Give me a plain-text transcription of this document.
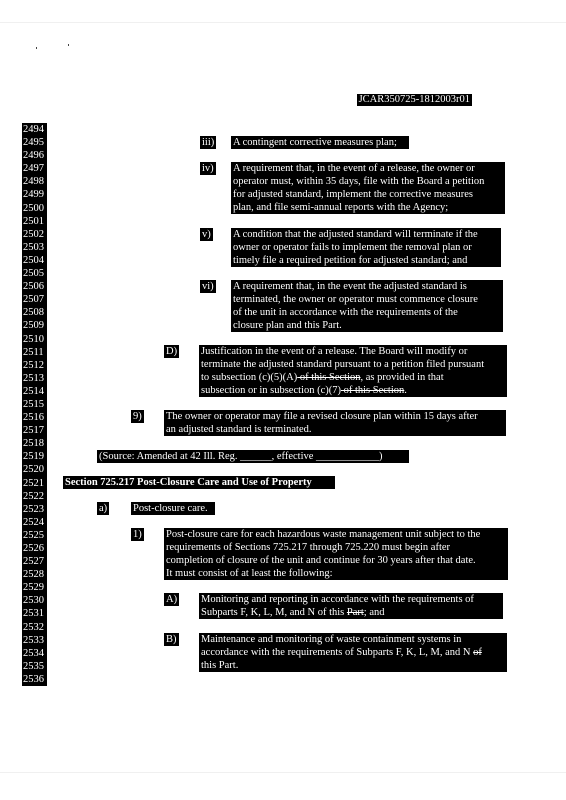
JCAR350725-1812003r01
2494
2495
2496
2497
2498
2499
2500
2501
2502
2503
2504
2505
2506
2507
2508
2509
2510
2511
2512
2513
2514
2515
2516
2517
2518
2519
2520
2521
2522
2523
2524
2525
2526
2527
2528
2529
2530
2531
2532
2533
2534
2535
2536
iii) A contingent corrective measures plan;
iv) A requirement that, in the event of a release, the owner or
operator must, within 35 days, file with the Board a petition
for adjusted standard, implement the corrective measures
plan, and file semi-annual reports with the Agency;
v) A condition that the adjusted standard will terminate if the
owner or operator fails to implement the removal plan or
timely file a required petition for adjusted standard; and
vi) A requirement that, in the event the adjusted standard is
terminated, the owner or operator must commence closure
of the unit in accordance with the requirements of the
closure plan and this Part.
D) Justification in the event of a release. The Board will modify or
terminate the adjusted standard pursuant to a petition filed pursuant
to subsection (c)(5)(A) of this Section, as provided in that
subsection or in subsection (c)(7) of this Section.
9) The owner or operator may file a revised closure plan within 15 days after
an adjusted standard is terminated.
(Source: Amended at 42 Ill. Reg. ______, effective ____________)
Section 725.217 Post-Closure Care and Use of Property
a) Post-closure care.
1) Post-closure care for each hazardous waste management unit subject to the
requirements of Sections 725.217 through 725.220 must begin after
completion of closure of the unit and continue for 30 years after that date.
It must consist of at least the following:
A) Monitoring and reporting in accordance with the requirements of
Subparts F, K, L, M, and N of this Part; and
B) Maintenance and monitoring of waste containment systems in
accordance with the requirements of Subparts F, K, L, M, and N of
this Part.
